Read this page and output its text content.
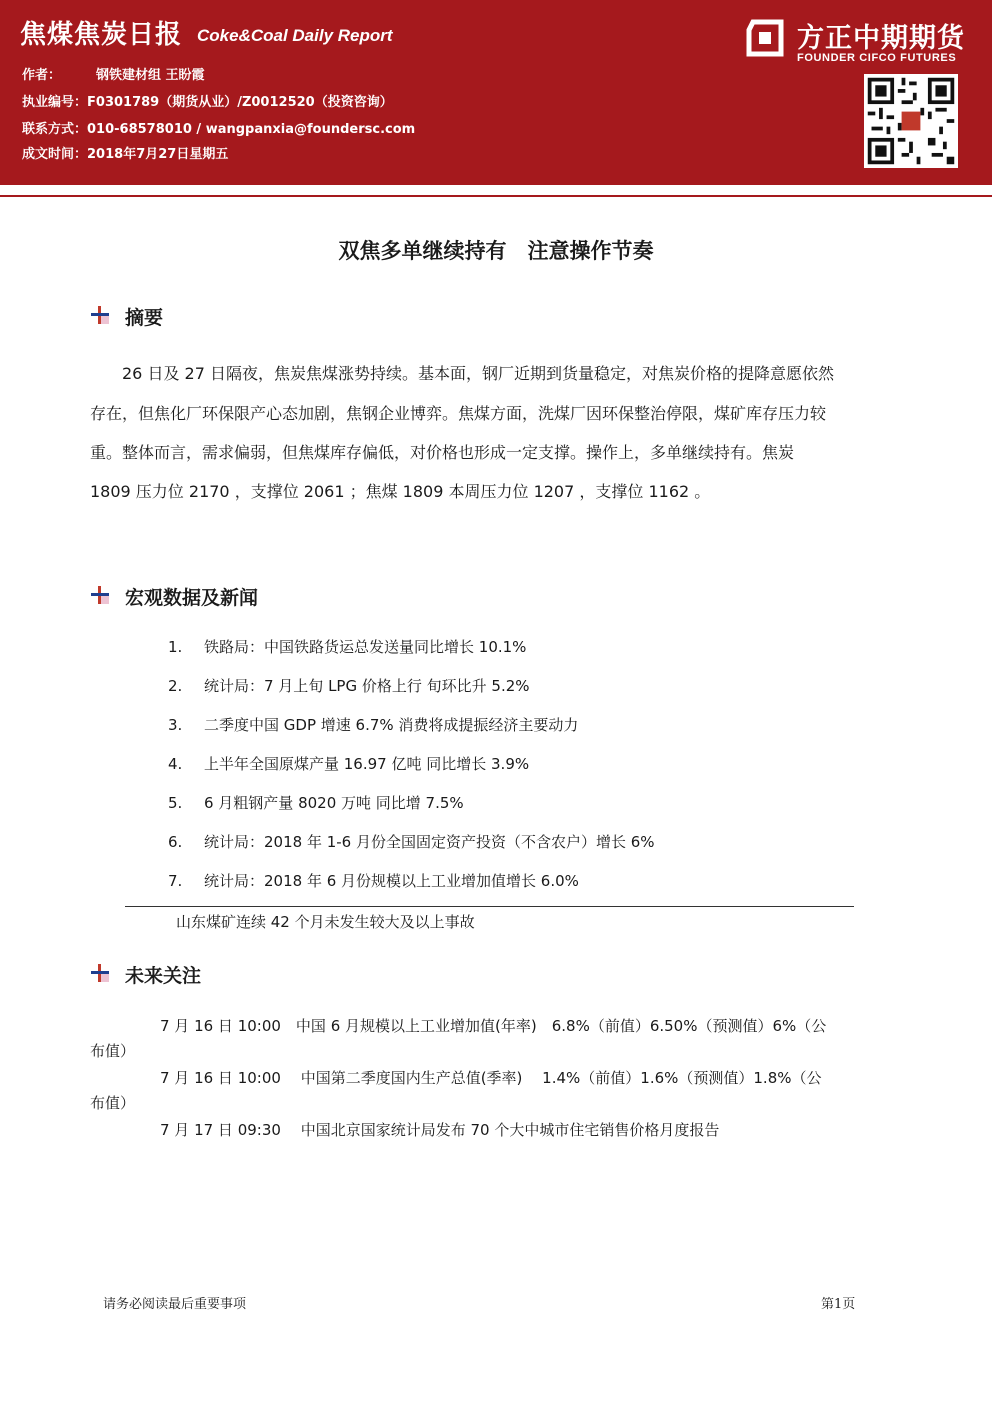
焦煤焦炭日报 Coke&Coal Daily Report
作者：	钢铁建材组 王盼霞
执业编号：F0301789（期货从业）/Z0012520（投资咨询）
联系方式：010-68578010 / wangpanxia@foundersc.com
成文时间：2018年7月27日星期五
方正中期期货
FOUNDER CIFCO FUTURES
双焦多单继续持有　注意操作节奏
摘要
26 日及 27 日隔夜，焦炭焦煤涨势持续。基本面，钢厂近期到货量稳定，对焦炭价格的提降意愿依然
存在，但焦化厂环保限产心态加剧，焦钢企业博弈。焦煤方面，洗煤厂因环保整治停限，煤矿库存压力较
重。整体而言，需求偏弱，但焦煤库存偏低，对价格也形成一定支撑。操作上，多单继续持有。焦炭
1809 压力位 2170 ，支撑位 2061 ；焦煤 1809 本周压力位 1207 ，支撑位 1162 。
宏观数据及新闻
1. 铁路局：中国铁路货运总发送量同比增长 10.1%
2. 统计局：7 月上旬 LPG 价格上行 旬环比升 5.2%
3. 二季度中国 GDP 增速 6.7% 消费将成提振经济主要动力
4. 上半年全国原煤产量 16.97 亿吨 同比增长 3.9%
5. 6 月粗钢产量 8020 万吨 同比增 7.5%
6. 统计局：2018 年 1-6 月份全国固定资产投资（不含农户）增长 6%
7. 统计局：2018 年 6 月份规模以上工业增加值增长 6.0%
山东煤矿连续 42 个月未发生较大及以上事故
未来关注
7 月 16 日 10:00　中国 6 月规模以上工业增加值(年率)　6.8%（前值）6.50%（预测值）6%（公
布值）
7 月 16 日 10:00　 中国第二季度国内生产总值(季率)　 1.4%（前值）1.6%（预测值）1.8%（公
布值）
7 月 17 日 09:30　 中国北京国家统计局发布 70 个大中城市住宅销售价格月度报告
请务必阅读最后重要事项	第1页
